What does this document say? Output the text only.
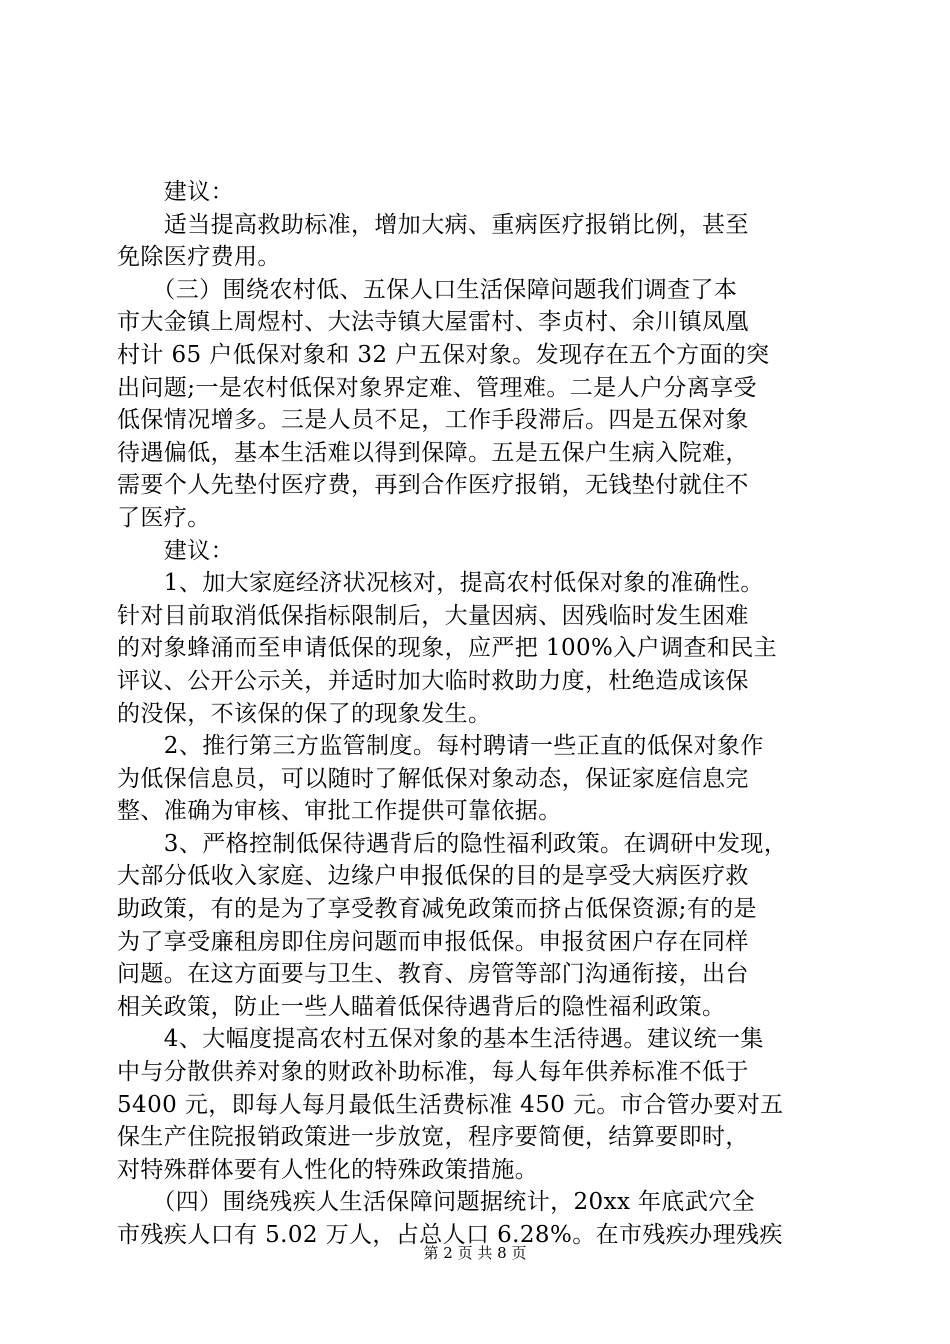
　　建议：
　　适当提高救助标准，增加大病、重病医疗报销比例，甚至
免除医疗费用。
　　（三）围绕农村低、五保人口生活保障问题我们调查了本
市大金镇上周煜村、大法寺镇大屋雷村、李贞村、余川镇凤凰
村计 65 户低保对象和 32 户五保对象。发现存在五个方面的突
出问题;一是农村低保对象界定难、管理难。二是人户分离享受
低保情况增多。三是人员不足，工作手段滞后。四是五保对象
待遇偏低，基本生活难以得到保障。五是五保户生病入院难，
需要个人先垫付医疗费，再到合作医疗报销，无钱垫付就住不
了医疗。
　　建议：
　　1、加大家庭经济状况核对，提高农村低保对象的准确性。
针对目前取消低保指标限制后，大量因病、因残临时发生困难
的对象蜂涌而至申请低保的现象，应严把 100%入户调查和民主
评议、公开公示关，并适时加大临时救助力度，杜绝造成该保
的没保，不该保的保了的现象发生。
　　2、推行第三方监管制度。每村聘请一些正直的低保对象作
为低保信息员，可以随时了解低保对象动态，保证家庭信息完
整、准确为审核、审批工作提供可靠依据。
　　3、严格控制低保待遇背后的隐性福利政策。在调研中发现，
大部分低收入家庭、边缘户申报低保的目的是享受大病医疗救
助政策，有的是为了享受教育减免政策而挤占低保资源;有的是
为了享受廉租房即住房问题而申报低保。申报贫困户存在同样
问题。在这方面要与卫生、教育、房管等部门沟通衔接，出台
相关政策，防止一些人瞄着低保待遇背后的隐性福利政策。
　　4、大幅度提高农村五保对象的基本生活待遇。建议统一集
中与分散供养对象的财政补助标准，每人每年供养标准不低于
5400 元，即每人每月最低生活费标准 450 元。市合管办要对五
保生产住院报销政策进一步放宽，程序要简便，结算要即时，
对特殊群体要有人性化的特殊政策措施。
　　（四）围绕残疾人生活保障问题据统计，20xx 年底武穴全
市残疾人口有 5.02 万人，占总人口 6.28%。在市残疾办理残疾
第 2 页 共 8 页
